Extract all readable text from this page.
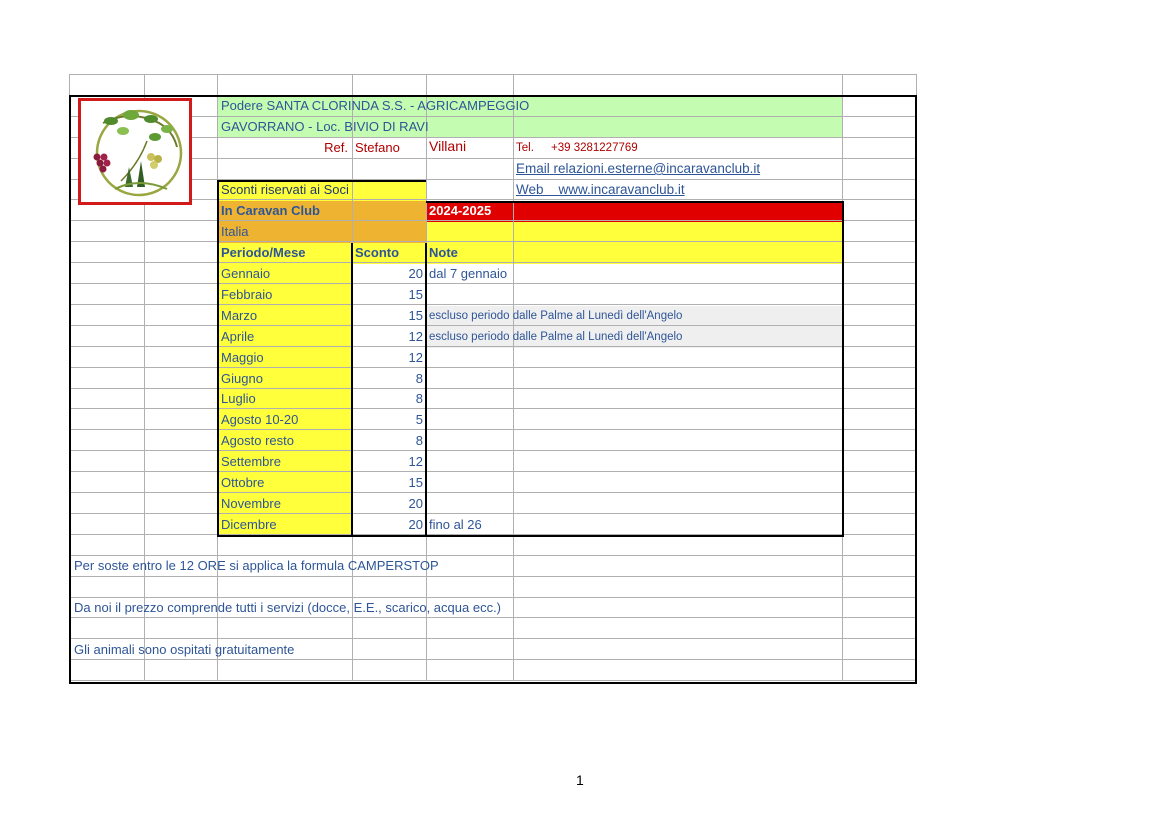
Podere SANTA CLORINDA S.S. - AGRICAMPEGGIO
GAVORRANO - Loc. BIVIO DI RAVI
Ref. Stefano Villani	Tel. +39 3281227769
Email relazioni.esterne@incaravanclub.it
Web www.incaravanclub.it
Sconti riservati ai Soci
In Caravan Club	2024-2025
Italia
Periodo/Mese	Sconto Note
Gennaio	20 dal 7 gennaio
Febbraio	15
Marzo	15 escluso periodo dalle Palme al Lunedì dell'Angelo
Aprile	12 escluso periodo dalle Palme al Lunedì dell'Angelo
Maggio	12
Giugno	8
Luglio	8
Agosto 10-20	5
Agosto resto	8
Settembre	12
Ottobre	15
Novembre	20
Dicembre	20 fino al 26
Per soste entro le 12 ORE si applica la formula CAMPERSTOP
Da noi il prezzo comprende tutti i servizi (docce, E.E., scarico, acqua ecc.)
Gli animali sono ospitati gratuitamente
1
